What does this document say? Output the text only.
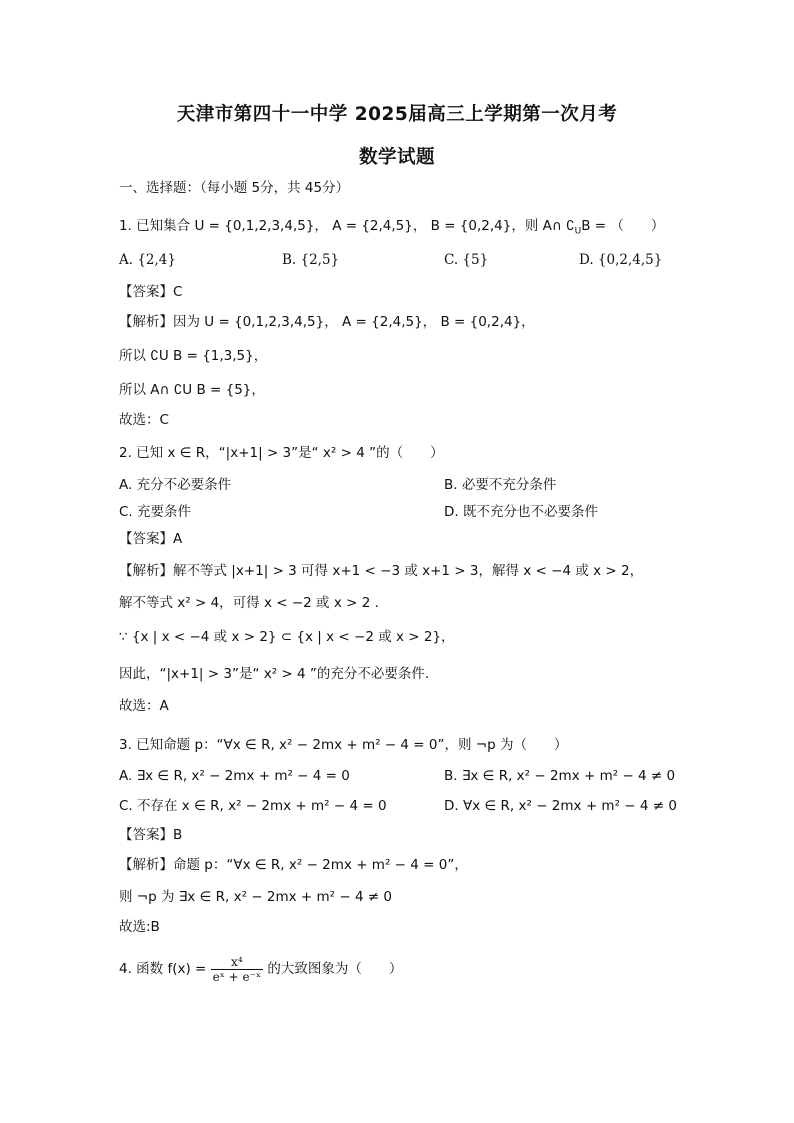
天津市第四十一中学 2025届高三上学期第一次月考
数学试题
一、选择题：（每小题 5分，共 45分）
1. 已知集合 U = {0,1,2,3,4,5}， A = {2,4,5}， B = {0,2,4}，则 A∩ $∁_UB$ = （　　）
A. {2,4}	B. {2,5}	C. {5}	D. {0,2,4,5}
【答案】C
【解析】因为 U = {0,1,2,3,4,5}， A = {2,4,5}， B = {0,2,4}，
所以 ∁U B = {1,3,5}，
所以 A∩ ∁U B = {5}，
故选：C
2. 已知 x ∈ R，“|x+1| > 3”是“ x² > 4 ”的（　　）
A. 充分不必要条件	B. 必要不充分条件
C. 充要条件	D. 既不充分也不必要条件
【答案】A
【解析】解不等式 |x+1| > 3 可得 x+1 < −3 或 x+1 > 3，解得 x < −4 或 x > 2，
解不等式 x² > 4，可得 x < −2 或 x > 2 .
∵ {x | x < −4 或 x > 2} ⊂ {x | x < −2 或 x > 2}，
因此，“|x+1| > 3”是“ x² > 4 ”的充分不必要条件.
故选：A
3. 已知命题 p：“∀x ∈ R, x² − 2mx + m² − 4 = 0”，则 ¬p 为（　　）
A. ∃x ∈ R, x² − 2mx + m² − 4 = 0	B. ∃x ∈ R, x² − 2mx + m² − 4 ≠ 0
C. 不存在 x ∈ R, x² − 2mx + m² − 4 = 0	D. ∀x ∈ R, x² − 2mx + m² − 4 ≠ 0
【答案】B
【解析】命题 p：“∀x ∈ R, x² − 2mx + m² − 4 = 0”，
则 ¬p 为 ∃x ∈ R, x² − 2mx + m² − 4 ≠ 0
故选:B
4. 函数 $f(x) = \frac{\text{x⁴}}{\text{eˣ + e⁻ˣ}}$ 的大致图象为（　　）
